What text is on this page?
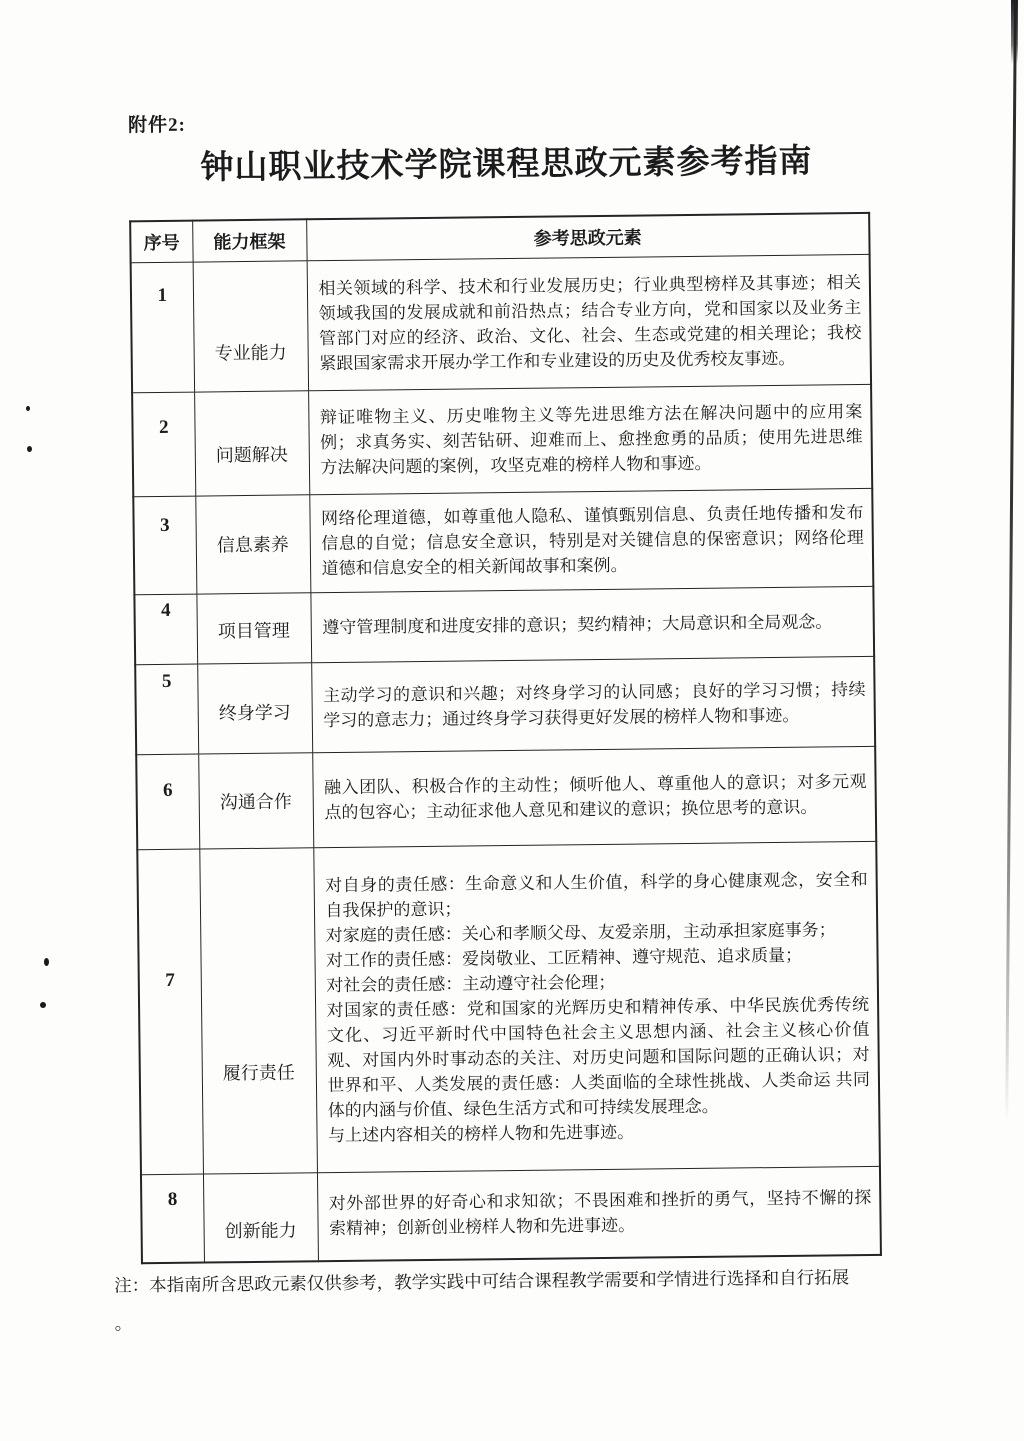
附件2:
钟山职业技术学院课程思政元素参考指南
序号	能力框架	参考思政元素
1	专业能力	相关领域的科学、技术和行业发展历史；行业典型榜样及其事迹；相关领域我国的发展成就和前沿热点；结合专业方向，党和国家以及业务主管部门对应的经济、政治、文化、社会、生态或党建的相关理论；我校紧跟国家需求开展办学工作和专业建设的历史及优秀校友事迹。
2	问题解决	辩证唯物主义、历史唯物主义等先进思维方法在解决问题中的应用案例；求真务实、刻苦钻研、迎难而上、愈挫愈勇的品质；使用先进思维方法解决问题的案例，攻坚克难的榜样人物和事迹。
3	信息素养	网络伦理道德，如尊重他人隐私、谨慎甄别信息、负责任地传播和发布信息的自觉；信息安全意识，特别是对关键信息的保密意识；网络伦理道德和信息安全的相关新闻故事和案例。
4	项目管理	遵守管理制度和进度安排的意识；契约精神；大局意识和全局观念。
5	终身学习	主动学习的意识和兴趣；对终身学习的认同感；良好的学习习惯；持续学习的意志力；通过终身学习获得更好发展的榜样人物和事迹。
6	沟通合作	融入团队、积极合作的主动性；倾听他人、尊重他人的意识；对多元观点的包容心；主动征求他人意见和建议的意识；换位思考的意识。
7	履行责任	对自身的责任感：生命意义和人生价值，科学的身心健康观念，安全和自我保护的意识；
对家庭的责任感：关心和孝顺父母、友爱亲朋，主动承担家庭事务；
对工作的责任感：爱岗敬业、工匠精神、遵守规范、追求质量；
对社会的责任感：主动遵守社会伦理；
对国家的责任感：党和国家的光辉历史和精神传承、中华民族优秀传统文化、习近平新时代中国特色社会主义思想内涵、社会主义核心价值观、对国内外时事动态的关注、对历史问题和国际问题的正确认识；对世界和平、人类发展的责任感：人类面临的全球性挑战、人类命运 共同体的内涵与价值、绿色生活方式和可持续发展理念。
与上述内容相关的榜样人物和先进事迹。
8	创新能力	对外部世界的好奇心和求知欲；不畏困难和挫折的勇气，坚持不懈的探索精神；创新创业榜样人物和先进事迹。
注：本指南所含思政元素仅供参考，教学实践中可结合课程教学需要和学情进行选择和自行拓展
。
